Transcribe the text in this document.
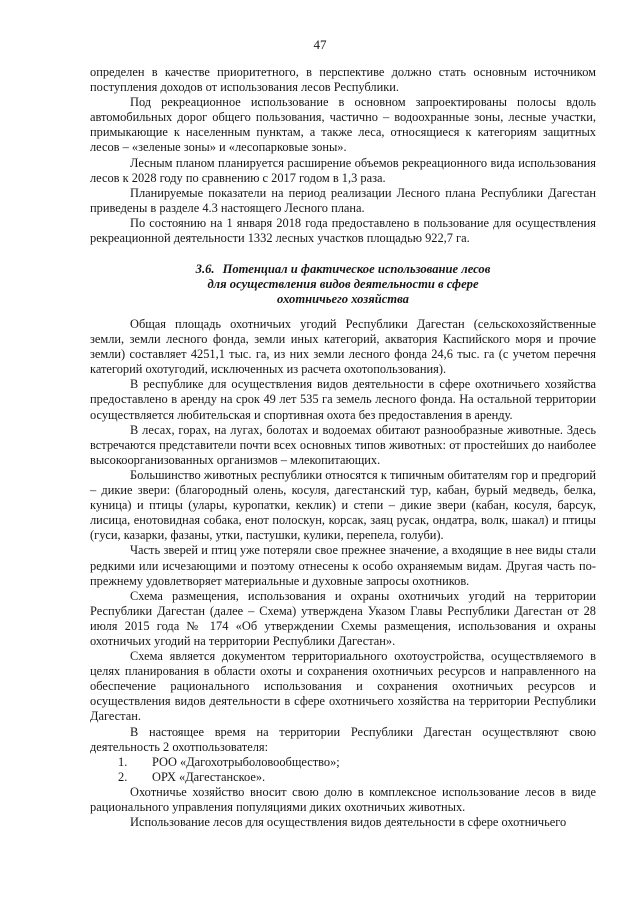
47

определен в качестве приоритетного, в перспективе должно стать основным источником поступления доходов от использования лесов Республики.

Под рекреационное использование в основном запроектированы полосы вдоль автомобильных дорог общего пользования, частично – водоохранные зоны, лесные участки, примыкающие к населенным пунктам, а также леса, относящиеся к категориям защитных лесов – «зеленые зоны» и «лесопарковые зоны».

Лесным планом планируется расширение объемов рекреационного вида использования лесов к 2028 году по сравнению с 2017 годом в 1,3 раза.

Планируемые показатели на период реализации Лесного плана Республики Дагестан приведены в разделе 4.3 настоящего Лесного плана.

По состоянию на 1 января 2018 года предоставлено в пользование для осуществления рекреационной деятельности 1332 лесных участков площадью 922,7 га.

3.6. Потенциал и фактическое использование лесов
для осуществления видов деятельности в сфере
охотничьего хозяйства

Общая площадь охотничьих угодий Республики Дагестан (сельскохозяйственные земли, земли лесного фонда, земли иных категорий, акватория Каспийского моря и прочие земли) составляет 4251,1 тыс. га, из них земли лесного фонда 24,6 тыс. га (с учетом перечня категорий охотугодий, исключенных из расчета охотопользования).

В республике для осуществления видов деятельности в сфере охотничьего хозяйства предоставлено в аренду на срок 49 лет 535 га земель лесного фонда. На остальной территории осуществляется любительская и спортивная охота без предоставления в аренду.

В лесах, горах, на лугах, болотах и водоемах обитают разнообразные животные. Здесь встречаются представители почти всех основных типов животных: от простейших до наиболее высокоорганизованных организмов – млекопитающих.

Большинство животных республики относятся к типичным обитателям гор и предгорий – дикие звери: (благородный олень, косуля, дагестанский тур, кабан, бурый медведь, белка, куница) и птицы (улары, куропатки, кеклик) и степи – дикие звери (кабан, косуля, барсук, лисица, енотовидная собака, енот полоскун, корсак, заяц русак, ондатра, волк, шакал) и птицы (гуси, казарки, фазаны, утки, пастушки, кулики, перепела, голуби).

Часть зверей и птиц уже потеряли свое прежнее значение, а входящие в нее виды стали редкими или исчезающими и поэтому отнесены к особо охраняемым видам. Другая часть по-прежнему удовлетворяет материальные и духовные запросы охотников.

Схема размещения, использования и охраны охотничьих угодий на территории Республики Дагестан (далее – Схема) утверждена Указом Главы Республики Дагестан от 28 июля 2015 года № 174 «Об утверждении Схемы размещения, использования и охраны охотничьих угодий на территории Республики Дагестан».

Схема является документом территориального охотоустройства, осуществляемого в целях планирования в области охоты и сохранения охотничьих ресурсов и направленного на обеспечение рационального использования и сохранения охотничьих ресурсов и осуществления видов деятельности в сфере охотничьего хозяйства на территории Республики Дагестан.

В настоящее время на территории Республики Дагестан осуществляют свою деятельность 2 охотпользователя:

1. РОО «Дагохотрыболовообщество»;

2. ОРХ «Дагестанское».

Охотничье хозяйство вносит свою долю в комплексное использование лесов в виде рационального управления популяциями диких охотничьих животных.

Использование лесов для осуществления видов деятельности в сфере охотничьего
